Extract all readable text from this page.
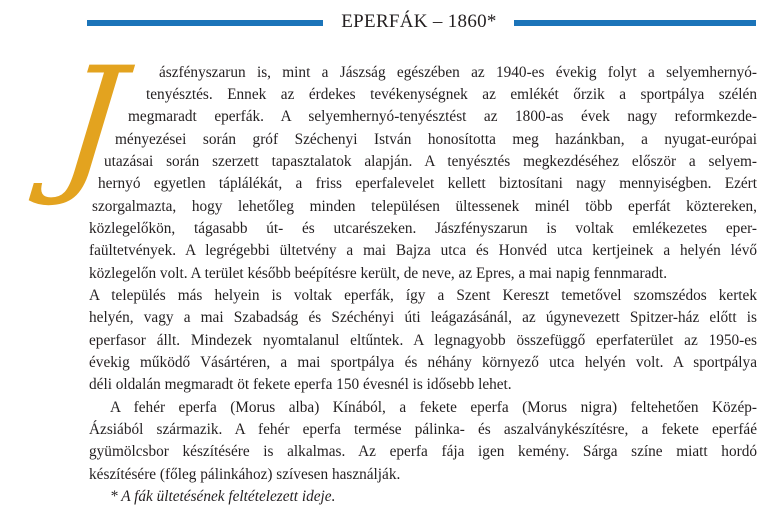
EPERFÁK – 1860*
J ászfényszarun is, mint a Jászság egészében az 1940-es évekig folyt a selyemhernyó-
tenyésztés. Ennek az érdekes tevékenységnek az emlékét őrzik a sportpálya szélén
megmaradt eperfák. A selyemhernyó-tenyésztést az 1800-as évek nagy reformkezde-
ményezései során gróf Széchenyi István honosította meg hazánkban, a nyugat-európai
utazásai során szerzett tapasztalatok alapján. A tenyésztés megkezdéséhez először a selyem-
hernyó egyetlen táplálékát, a friss eperfalevelet kellett biztosítani nagy mennyiségben. Ezért
szorgalmazta, hogy lehetőleg minden településen ültessenek minél több eperfát köztereken,
közlegelőkön, tágasabb út- és utcarészeken. Jászfényszarun is voltak emlékezetes eper-
faültetvények. A legrégebbi ültetvény a mai Bajza utca és Honvéd utca kertjeinek a helyén lévő
közlegelőn volt. A terület később beépítésre került, de neve, az Epres, a mai napig fennmaradt.
A település más helyein is voltak eperfák, így a Szent Kereszt temetővel szomszédos kertek
helyén, vagy a mai Szabadság és Széchényi úti leágazásánál, az úgynevezett Spitzer-ház előtt is
eperfasor állt. Mindezek nyomtalanul eltűntek. A legnagyobb összefüggő eperfaterület az 1950-es
évekig működő Vásártéren, a mai sportpálya és néhány környező utca helyén volt. A sportpálya
déli oldalán megmaradt öt fekete eperfa 150 évesnél is idősebb lehet.
A fehér eperfa (Morus alba) Kínából, a fekete eperfa (Morus nigra) feltehetően Közép-
Ázsiából származik. A fehér eperfa termése pálinka- és aszalványkészítésre, a fekete eperfáé
gyümölcsbor készítésére is alkalmas. Az eperfa fája igen kemény. Sárga színe miatt hordó
készítésére (főleg pálinkához) szívesen használják.
* A fák ültetésének feltételezett ideje.
